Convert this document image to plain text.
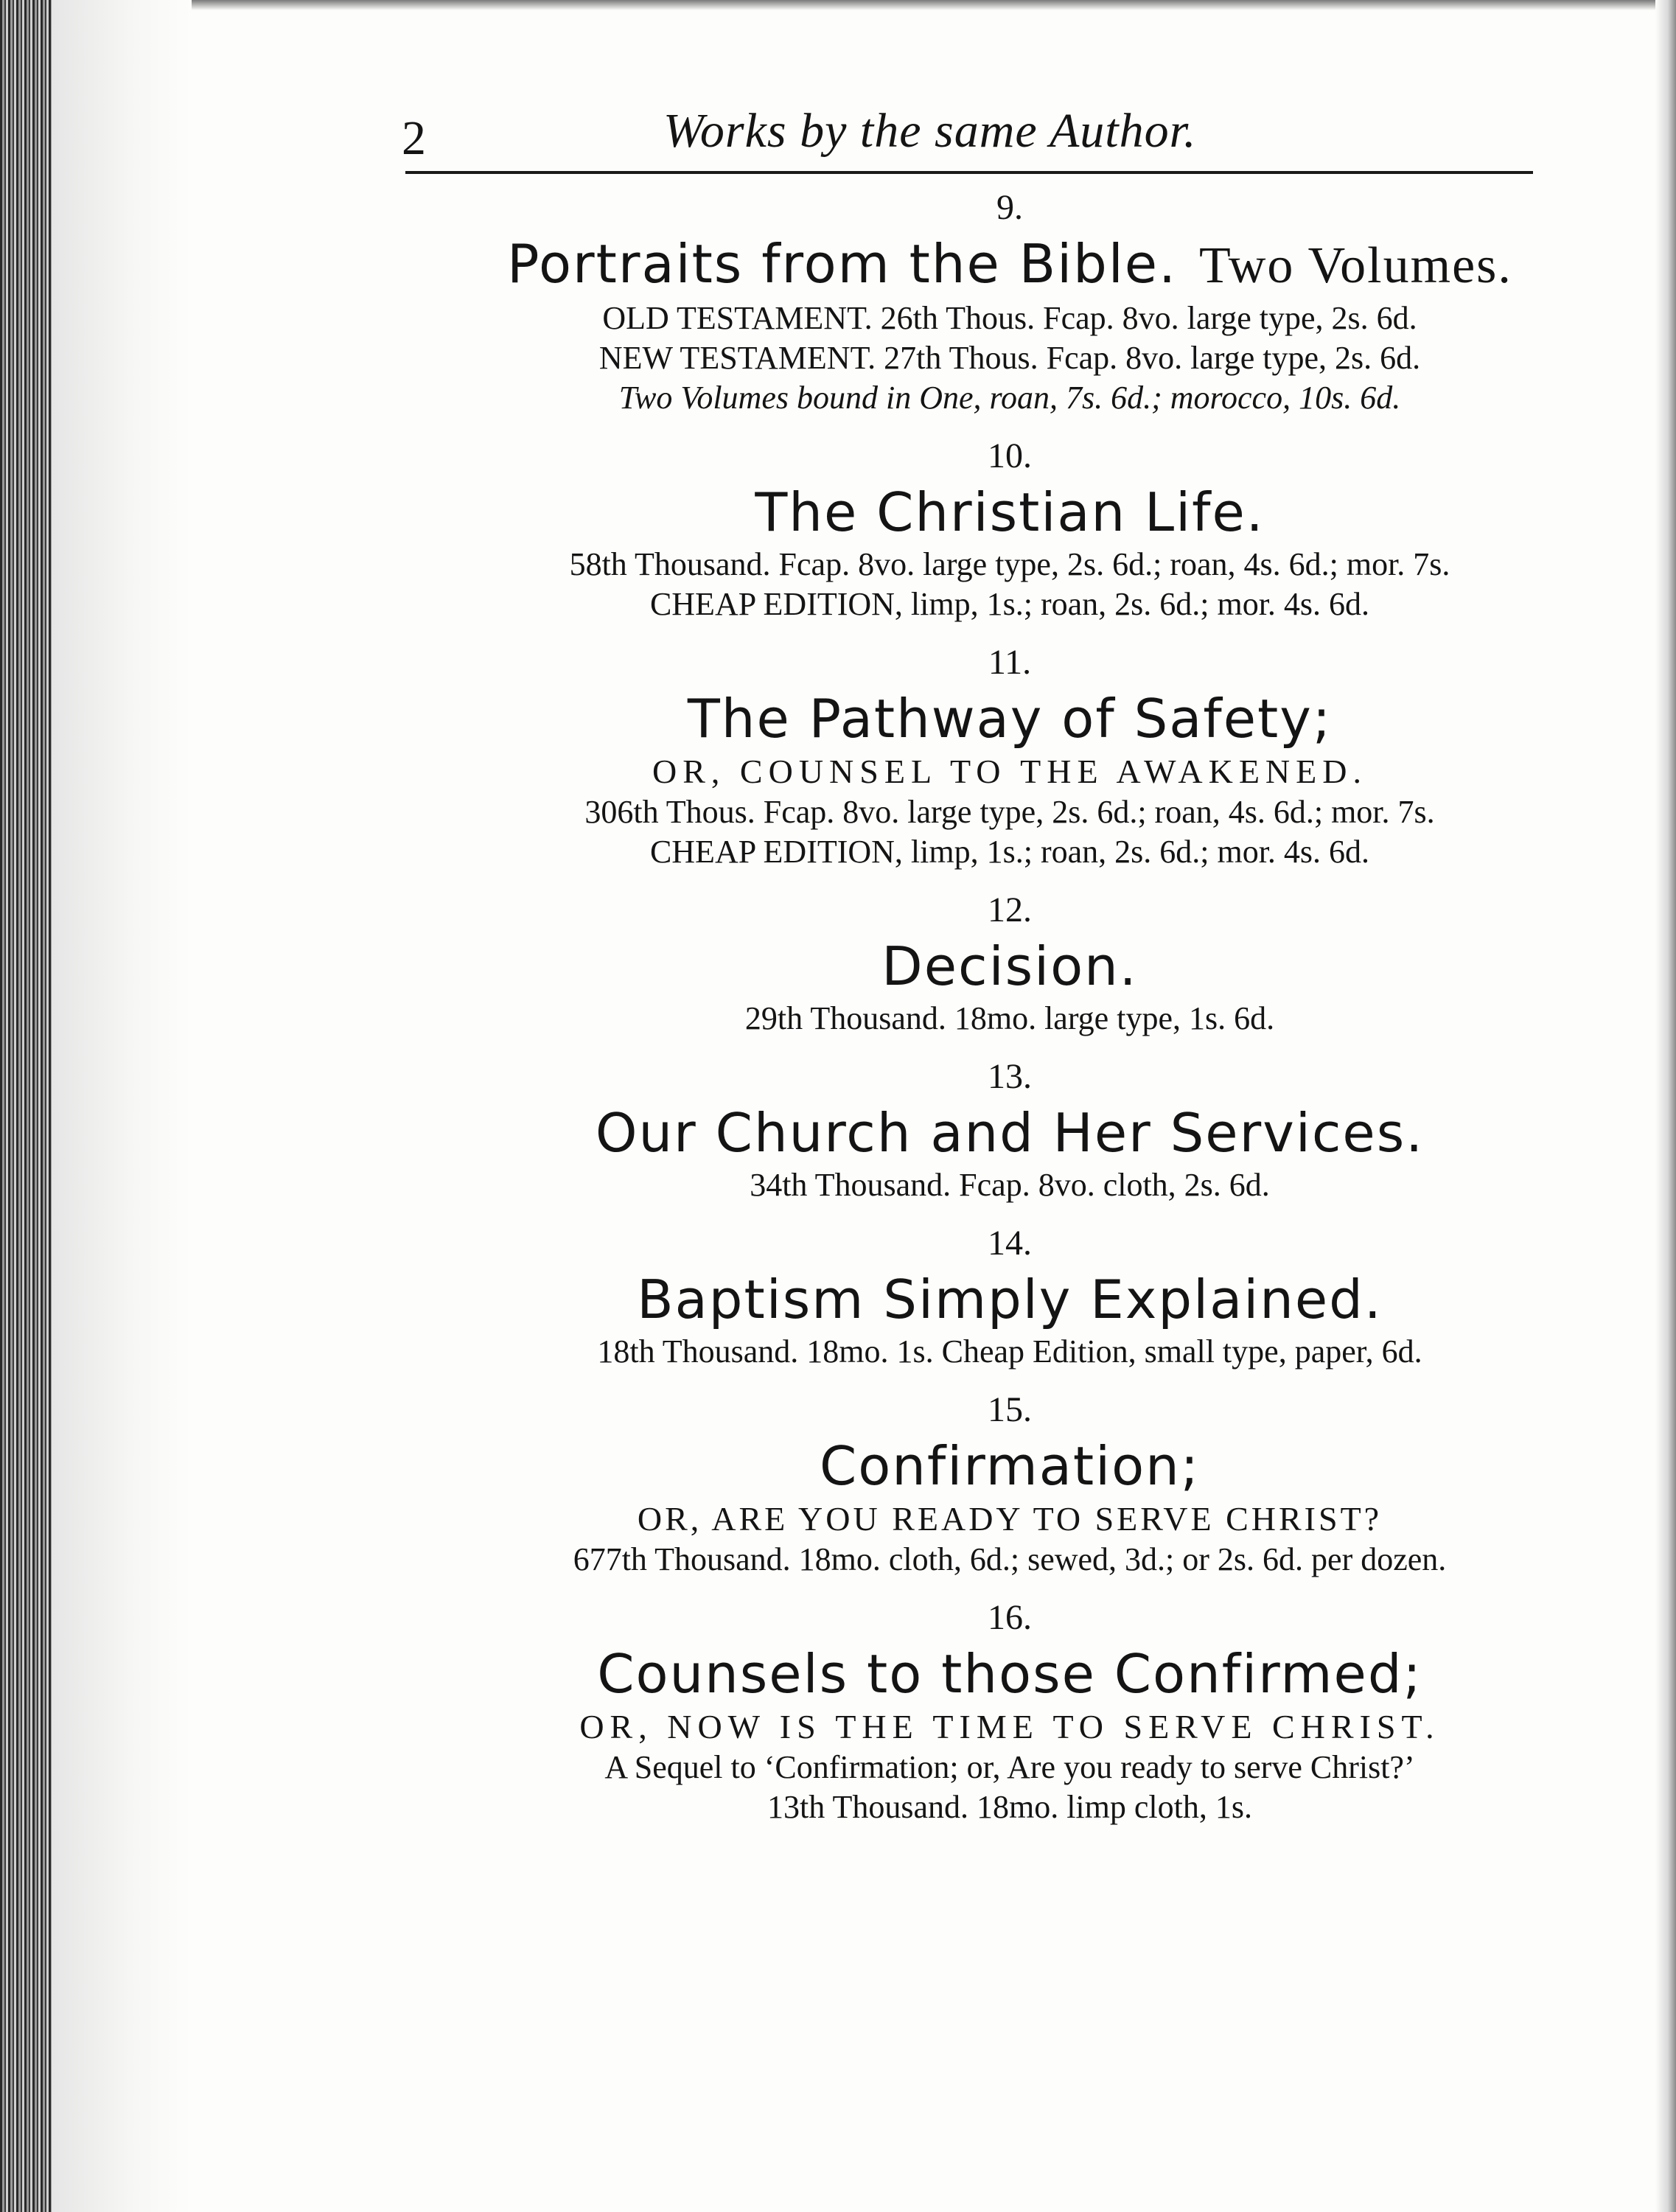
2	Works by the same Author.
9.
Portraits from the Bible. Two Volumes.
OLD TESTAMENT. 26th Thous. Fcap. 8vo. large type, 2s. 6d.
NEW TESTAMENT. 27th Thous. Fcap. 8vo. large type, 2s. 6d.
Two Volumes bound in One, roan, 7s. 6d.; morocco, 10s. 6d.
10.
The Christian Life.
58th Thousand. Fcap. 8vo. large type, 2s. 6d.; roan, 4s. 6d.; mor. 7s.
CHEAP EDITION, limp, 1s.; roan, 2s. 6d.; mor. 4s. 6d.
11.
The Pathway of Safety;
OR, COUNSEL TO THE AWAKENED.
306th Thous. Fcap. 8vo. large type, 2s. 6d.; roan, 4s. 6d.; mor. 7s.
CHEAP EDITION, limp, 1s.; roan, 2s. 6d.; mor. 4s. 6d.
12.
Decision.
29th Thousand. 18mo. large type, 1s. 6d.
13.
Our Church and Her Services.
34th Thousand. Fcap. 8vo. cloth, 2s. 6d.
14.
Baptism Simply Explained.
18th Thousand. 18mo. 1s. Cheap Edition, small type, paper, 6d.
15.
Confirmation;
OR, ARE YOU READY TO SERVE CHRIST?
677th Thousand. 18mo. cloth, 6d.; sewed, 3d.; or 2s. 6d. per dozen.
16.
Counsels to those Confirmed;
OR, NOW IS THE TIME TO SERVE CHRIST.
A Sequel to ‘Confirmation; or, Are you ready to serve Christ?’
13th Thousand. 18mo. limp cloth, 1s.
